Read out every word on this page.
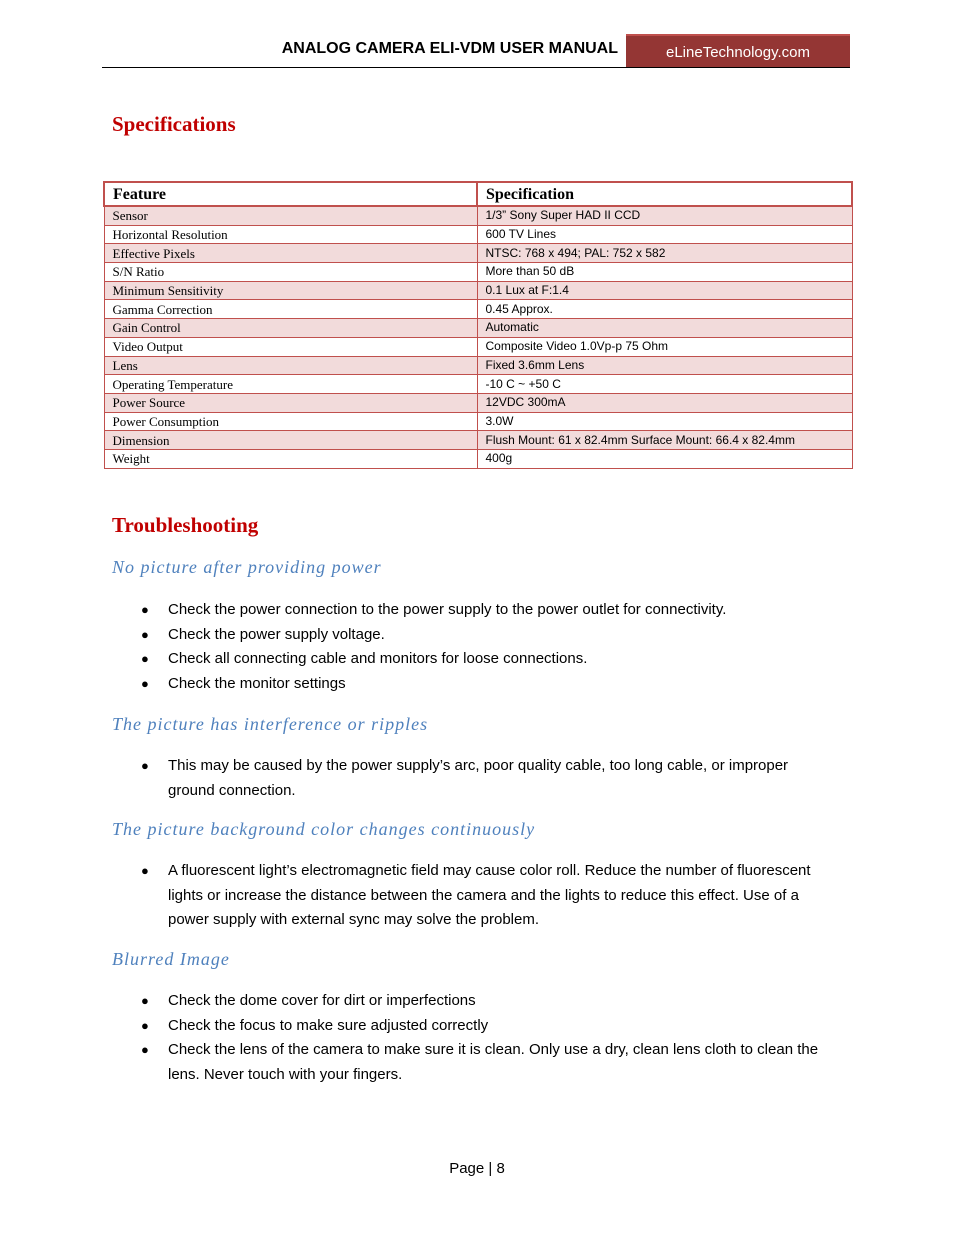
ANALOG CAMERA ELI-VDM USER MANUAL	eLineTechnology.com
Specifications
Feature	Specification
Sensor	1/3” Sony Super HAD II CCD
Horizontal Resolution	600 TV Lines
Effective Pixels	NTSC: 768 x 494; PAL: 752 x 582
S/N Ratio	More than 50 dB
Minimum Sensitivity	0.1 Lux at F:1.4
Gamma Correction	0.45 Approx.
Gain Control	Automatic
Video Output	Composite Video 1.0Vp-p 75 Ohm
Lens	Fixed 3.6mm Lens
Operating Temperature	-10 C ~ +50 C
Power Source	12VDC 300mA
Power Consumption	3.0W
Dimension	Flush Mount: 61 x 82.4mm Surface Mount: 66.4 x 82.4mm
Weight	400g
Troubleshooting
No picture after providing power
● Check the power connection to the power supply to the power outlet for connectivity.
● Check the power supply voltage.
● Check all connecting cable and monitors for loose connections.
● Check the monitor settings
The picture has interference or ripples
● This may be caused by the power supply’s arc, poor quality cable, too long cable, or improper ground connection.
The picture background color changes continuously
● A fluorescent light’s electromagnetic field may cause color roll. Reduce the number of fluorescent lights or increase the distance between the camera and the lights to reduce this effect. Use of a power supply with external sync may solve the problem.
Blurred Image
● Check the dome cover for dirt or imperfections
● Check the focus to make sure adjusted correctly
● Check the lens of the camera to make sure it is clean. Only use a dry, clean lens cloth to clean the lens. Never touch with your fingers.
Page | 8
